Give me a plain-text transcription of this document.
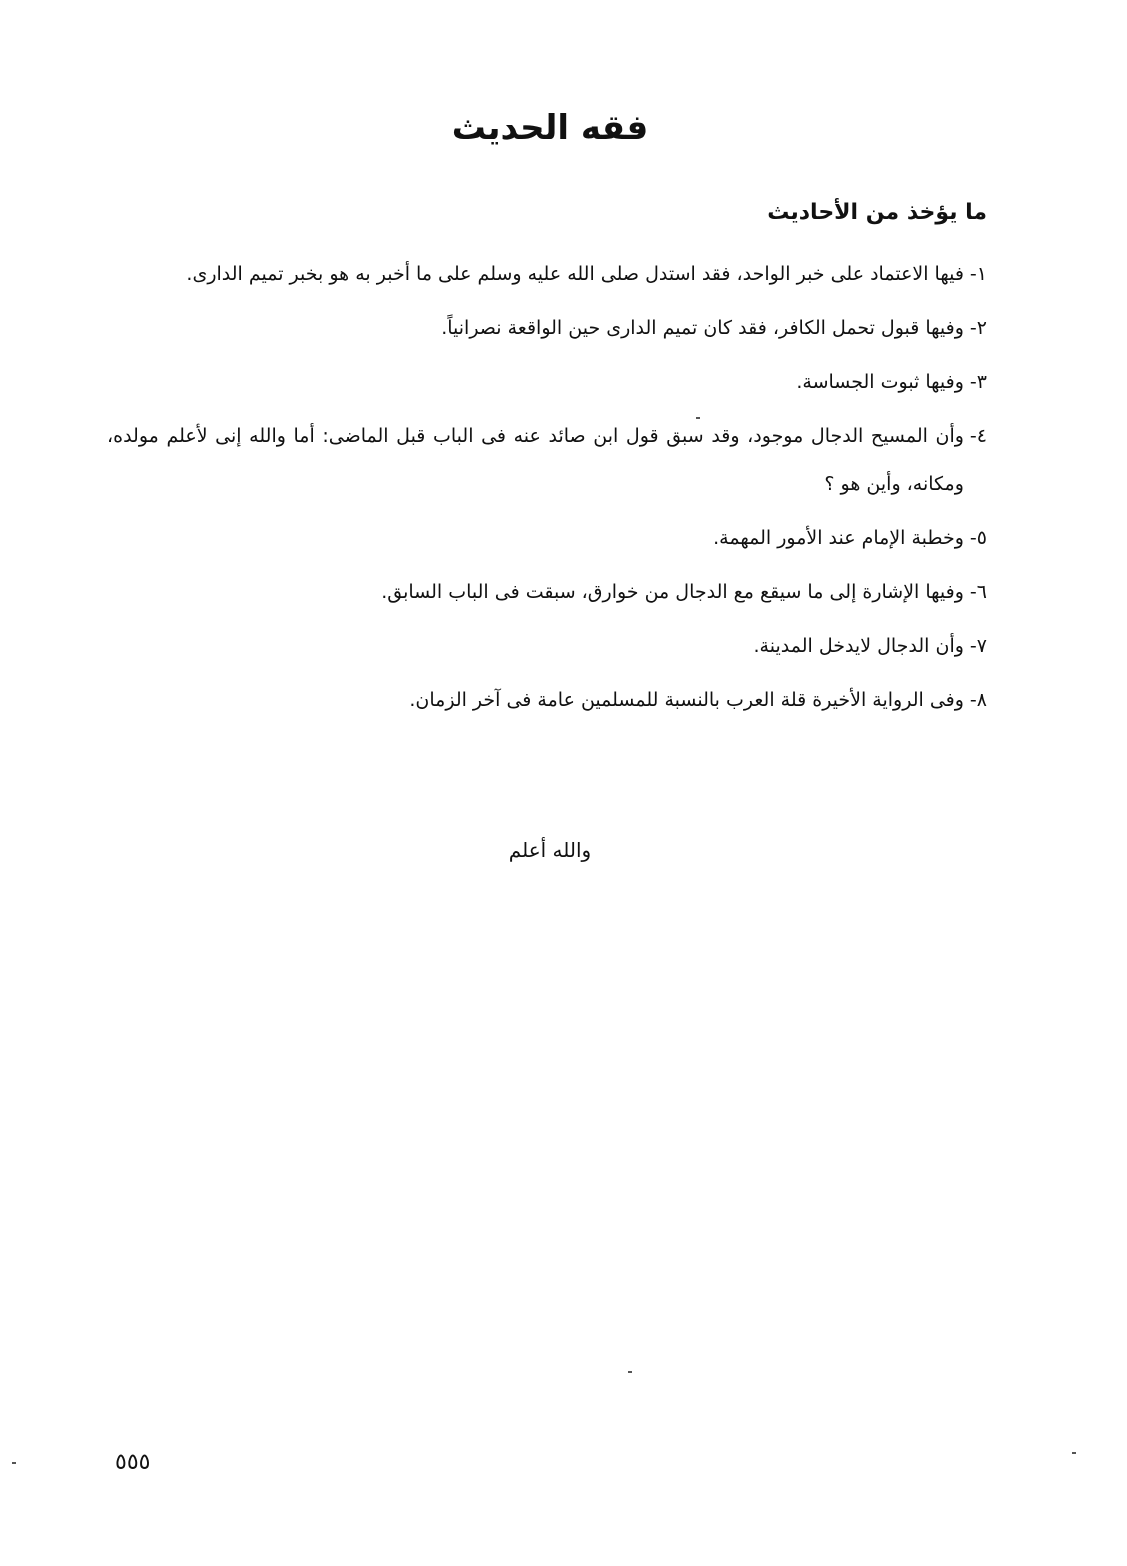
فقه الحديث
ما يؤخذ من الأحاديث
١-
فيها الاعتماد على خبر الواحد، فقد استدل صلى الله عليه وسلم على ما أخبر به هو بخبر تميم الدارى.
٢-
وفيها قبول تحمل الكافر، فقد كان تميم الدارى حين الواقعة نصرانياً.
٣-
وفيها ثبوت الجساسة.
٤-
وأن المسيح الدجال موجود، وقد سبق قول ابن صائد عنه فى الباب قبل الماضى: أما والله إنى لأعلم مولده، ومكانه، وأين هو ؟
٥-
وخطبة الإمام عند الأمور المهمة.
٦-
وفيها الإشارة إلى ما سيقع مع الدجال من خوارق، سبقت فى الباب السابق.
٧-
وأن الدجال لايدخل المدينة.
٨-
وفى الرواية الأخيرة قلة العرب بالنسبة للمسلمين عامة فى آخر الزمان.
والله أعلم
٥٥٥
